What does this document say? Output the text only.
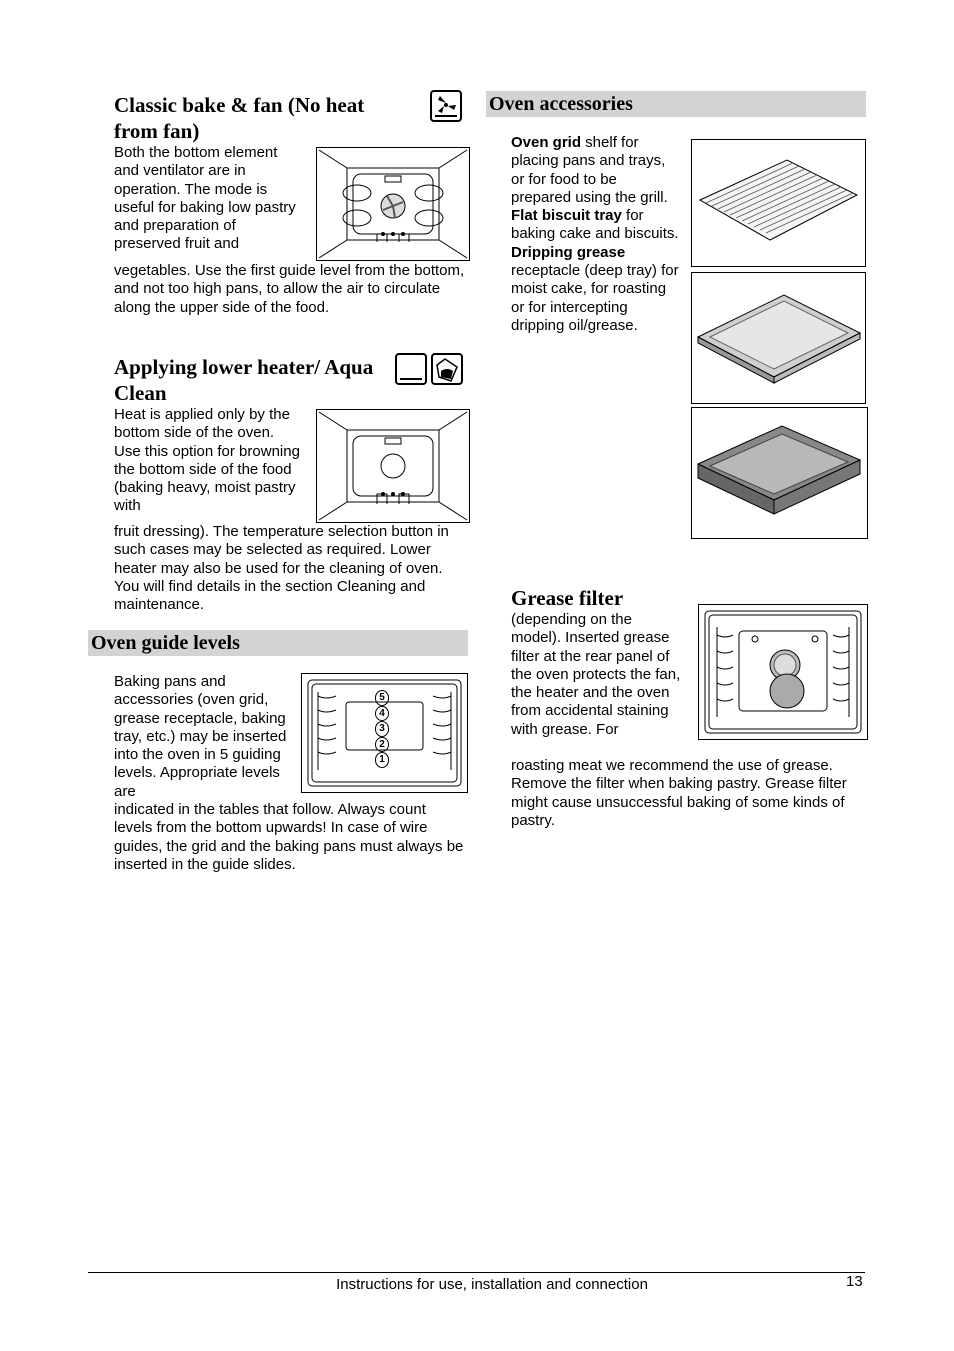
Classic bake & fan (No heat from fan)
Both the bottom element and ventilator are in operation. The mode is useful for baking low pastry and preparation of preserved fruit and
vegetables. Use the first guide level from the bottom, and not too high pans, to allow the air to circulate along the upper side of the food.
Applying lower heater/ Aqua Clean
Heat is applied only by the bottom side of the oven. Use this option for browning the bottom side of the food (baking heavy, moist pastry with
fruit dressing). The temperature selection button in such cases may be selected as required. Lower heater may also be used for the cleaning of oven. You will find details in the section Cleaning and maintenance.
Oven guide levels
Baking pans and accessories (oven grid, grease receptacle, baking tray, etc.) may be inserted into the oven in 5 guiding levels. Appropriate levels are
5
4
3
2
1
indicated in the tables that follow. Always count levels from the bottom upwards! In case of wire guides, the grid and the baking pans must always be inserted in the guide slides.
Oven accessories
Oven grid shelf for placing pans and trays, or for food to be prepared using the grill.
Flat biscuit tray for baking cake and biscuits.
Dripping grease receptacle (deep tray) for moist cake, for roasting or for intercepting dripping oil/grease.
Grease filter
(depending on the model). Inserted grease filter at the rear panel of the oven protects the fan, the heater and the oven from accidental staining with grease. For
roasting meat we recommend the use of grease. Remove the filter when baking pastry. Grease filter might cause unsuccessful baking of some kinds of pastry.
Instructions for use, installation and connection	13
